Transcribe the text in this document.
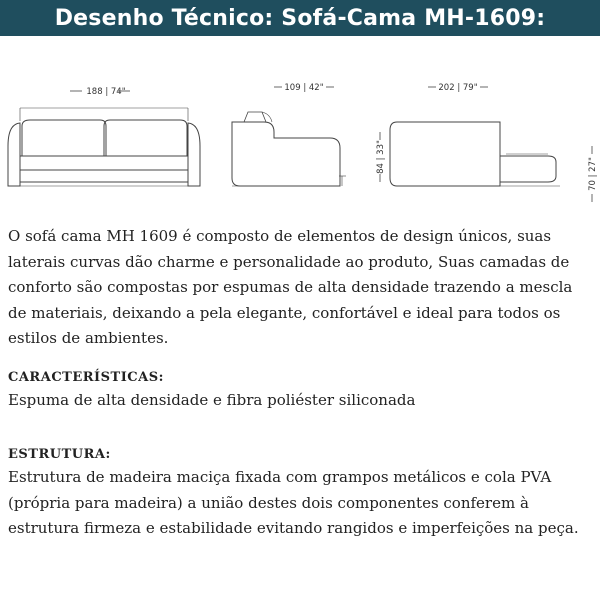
Desenho Técnico: Sofá-Cama MH-1609:
188 | 74"	109 | 42"	202 | 79"
84 | 33"
70 | 27"

O sofá cama MH 1609 é composto de elementos de design únicos, suas laterais curvas dão charme e personalidade ao produto, Suas camadas de conforto são compostas por espumas de alta densidade trazendo a mescla de materiais, deixando a pela elegante, confortável e ideal para todos os estilos de ambientes.

CARACTERÍSTICAS:

Espuma de alta densidade e fibra poliéster siliconada

ESTRUTURA:

Estrutura de madeira maciça fixada com grampos metálicos e cola PVA (própria para madeira) a união destes dois componentes conferem à estrutura firmeza e estabilidade evitando rangidos e imperfeições na peça.
